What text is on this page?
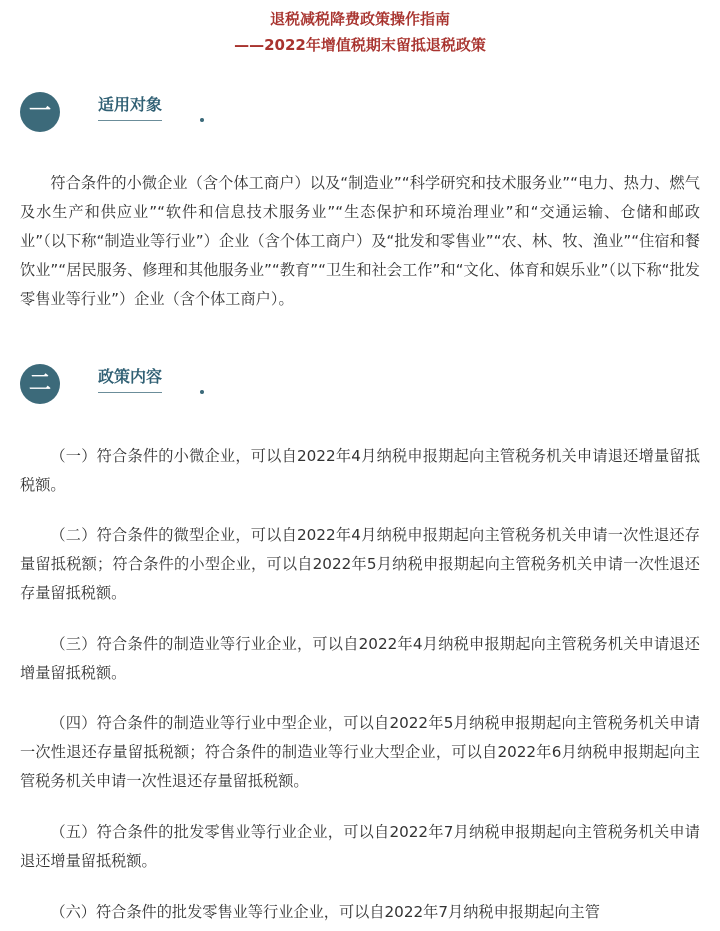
退税减税降费政策操作指南
——2022年增值税期末留抵退税政策
一	适用对象

符合条件的小微企业（含个体工商户）以及“制造业”“科学研究和技术服务业”“电力、热力、燃气及水生产和供应业”“软件和信息技术服务业”“生态保护和环境治理业”和“交通运输、仓储和邮政业”（以下称“制造业等行业”）企业（含个体工商户）及“批发和零售业”“农、林、牧、渔业”“住宿和餐饮业”“居民服务、修理和其他服务业”“教育”“卫生和社会工作”和“文化、体育和娱乐业”（以下称“批发零售业等行业”）企业（含个体工商户）。

二	政策内容

（一）符合条件的小微企业，可以自2022年4月纳税申报期起向主管税务机关申请退还增量留抵税额。

（二）符合条件的微型企业，可以自2022年4月纳税申报期起向主管税务机关申请一次性退还存量留抵税额；符合条件的小型企业，可以自2022年5月纳税申报期起向主管税务机关申请一次性退还存量留抵税额。

（三）符合条件的制造业等行业企业，可以自2022年4月纳税申报期起向主管税务机关申请退还增量留抵税额。

（四）符合条件的制造业等行业中型企业，可以自2022年5月纳税申报期起向主管税务机关申请一次性退还存量留抵税额；符合条件的制造业等行业大型企业，可以自2022年6月纳税申报期起向主管税务机关申请一次性退还存量留抵税额。

（五）符合条件的批发零售业等行业企业，可以自2022年7月纳税申报期起向主管税务机关申请退还增量留抵税额。

（六）符合条件的批发零售业等行业企业，可以自2022年7月纳税申报期起向主管
